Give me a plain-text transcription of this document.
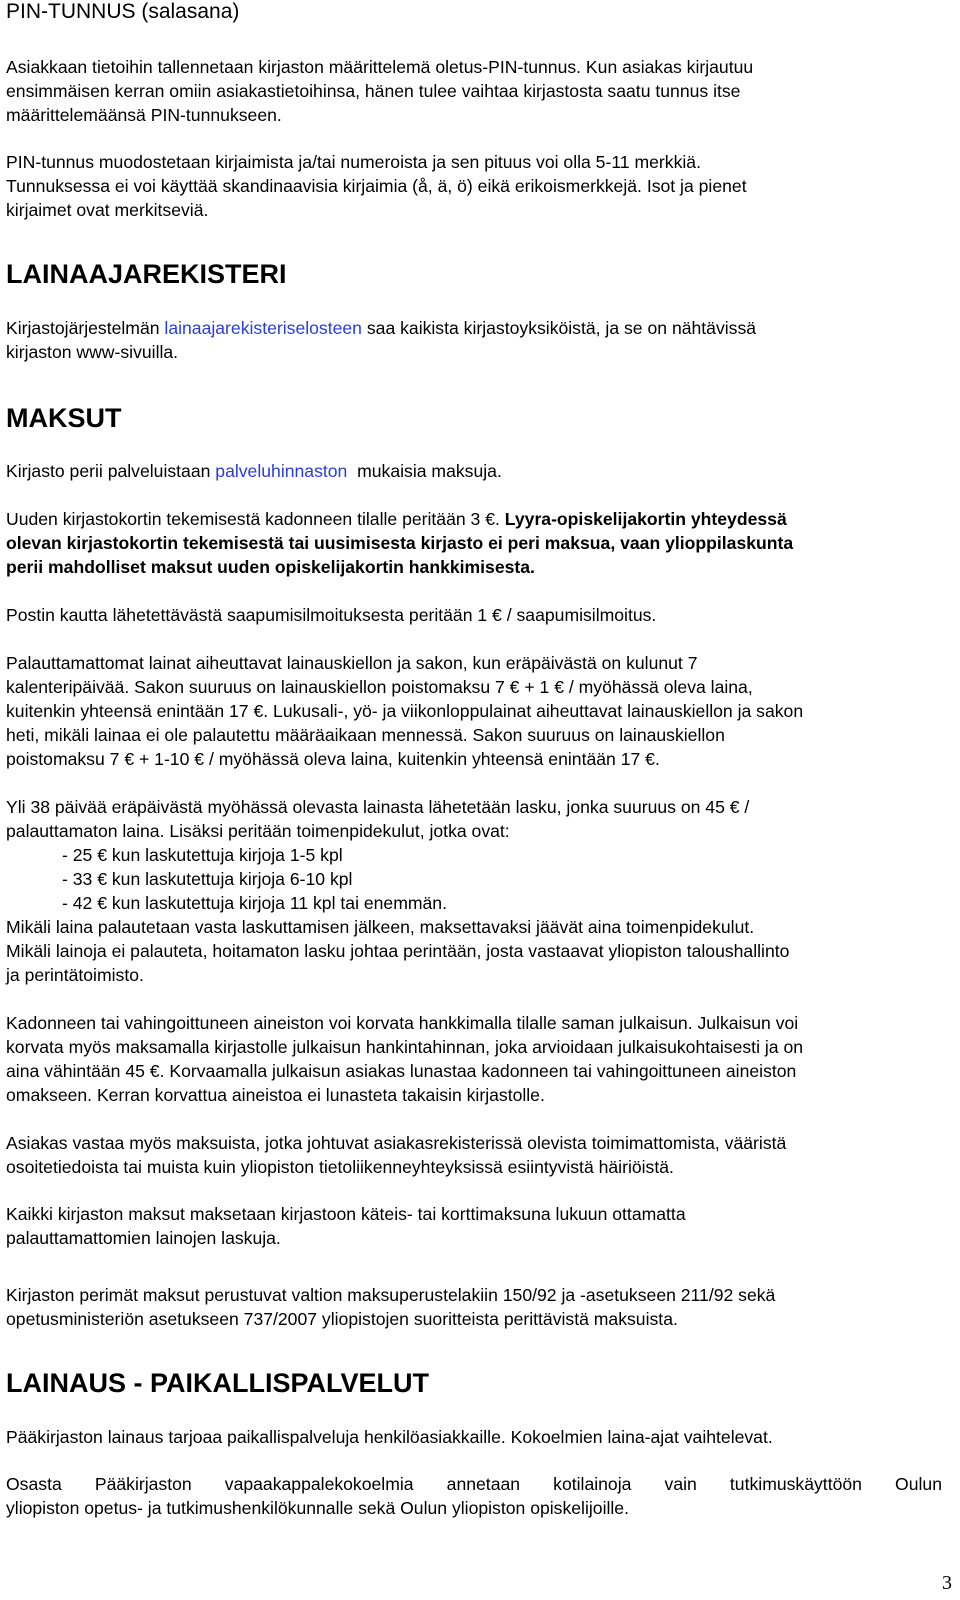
PIN-TUNNUS (salasana)
Asiakkaan tietoihin tallennetaan kirjaston määrittelemä oletus-PIN-tunnus. Kun asiakas kirjautuu
ensimmäisen kerran omiin asiakastietoihinsa, hänen tulee vaihtaa kirjastosta saatu tunnus itse
määrittelemäänsä PIN-tunnukseen.
PIN-tunnus muodostetaan kirjaimista ja/tai numeroista ja sen pituus voi olla 5-11 merkkiä.
Tunnuksessa ei voi käyttää skandinaavisia kirjaimia (å, ä, ö) eikä erikoismerkkejä. Isot ja pienet
kirjaimet ovat merkitseviä.
LAINAAJAREKISTERI
Kirjastojärjestelmän lainaajarekisteriselosteen saa kaikista kirjastoyksiköistä, ja se on nähtävissä
kirjaston www-sivuilla.
MAKSUT
Kirjasto perii palveluistaan palveluhinnaston  mukaisia maksuja.
Uuden kirjastokortin tekemisestä kadonneen tilalle peritään 3 €. Lyyra-opiskelijakortin yhteydessä
olevan kirjastokortin tekemisestä tai uusimisesta kirjasto ei peri maksua, vaan ylioppilaskunta
perii mahdolliset maksut uuden opiskelijakortin hankkimisesta.
Postin kautta lähetettävästä saapumisilmoituksesta peritään 1 € / saapumisilmoitus.
Palauttamattomat lainat aiheuttavat lainauskiellon ja sakon, kun eräpäivästä on kulunut 7
kalenteripäivää. Sakon suuruus on lainauskiellon poistomaksu 7 € + 1 € / myöhässä oleva laina,
kuitenkin yhteensä enintään 17 €. Lukusali-, yö- ja viikonloppulainat aiheuttavat lainauskiellon ja sakon
heti, mikäli lainaa ei ole palautettu määräaikaan mennessä. Sakon suuruus on lainauskiellon
poistomaksu 7 € + 1-10 € / myöhässä oleva laina, kuitenkin yhteensä enintään 17 €.
Yli 38 päivää eräpäivästä myöhässä olevasta lainasta lähetetään lasku, jonka suuruus on 45 € /
palauttamaton laina. Lisäksi peritään toimenpidekulut, jotka ovat:
- 25 € kun laskutettuja kirjoja 1-5 kpl
- 33 € kun laskutettuja kirjoja 6-10 kpl
- 42 € kun laskutettuja kirjoja 11 kpl tai enemmän.
Mikäli laina palautetaan vasta laskuttamisen jälkeen, maksettavaksi jäävät aina toimenpidekulut.
Mikäli lainoja ei palauteta, hoitamaton lasku johtaa perintään, josta vastaavat yliopiston taloushallinto
ja perintätoimisto.
Kadonneen tai vahingoittuneen aineiston voi korvata hankkimalla tilalle saman julkaisun. Julkaisun voi
korvata myös maksamalla kirjastolle julkaisun hankintahinnan, joka arvioidaan julkaisukohtaisesti ja on
aina vähintään 45 €. Korvaamalla julkaisun asiakas lunastaa kadonneen tai vahingoittuneen aineiston
omakseen. Kerran korvattua aineistoa ei lunasteta takaisin kirjastolle.
Asiakas vastaa myös maksuista, jotka johtuvat asiakasrekisterissä olevista toimimattomista, vääristä
osoitetiedoista tai muista kuin yliopiston tietoliikenneyhteyksissä esiintyvistä häiriöistä.
Kaikki kirjaston maksut maksetaan kirjastoon käteis- tai korttimaksuna lukuun ottamatta
palauttamattomien lainojen laskuja.
Kirjaston perimät maksut perustuvat valtion maksuperustelakiin 150/92 ja -asetukseen 211/92 sekä
opetusministeriön asetukseen 737/2007 yliopistojen suoritteista perittävistä maksuista.
LAINAUS - PAIKALLISPALVELUT
Pääkirjaston lainaus tarjoaa paikallispalveluja henkilöasiakkaille. Kokoelmien laina-ajat vaihtelevat.
Osasta Pääkirjaston vapaakappalekokoelmia annetaan kotilainoja vain tutkimuskäyttöön Oulun
yliopiston opetus- ja tutkimushenkilökunnalle sekä Oulun yliopiston opiskelijoille.
3
